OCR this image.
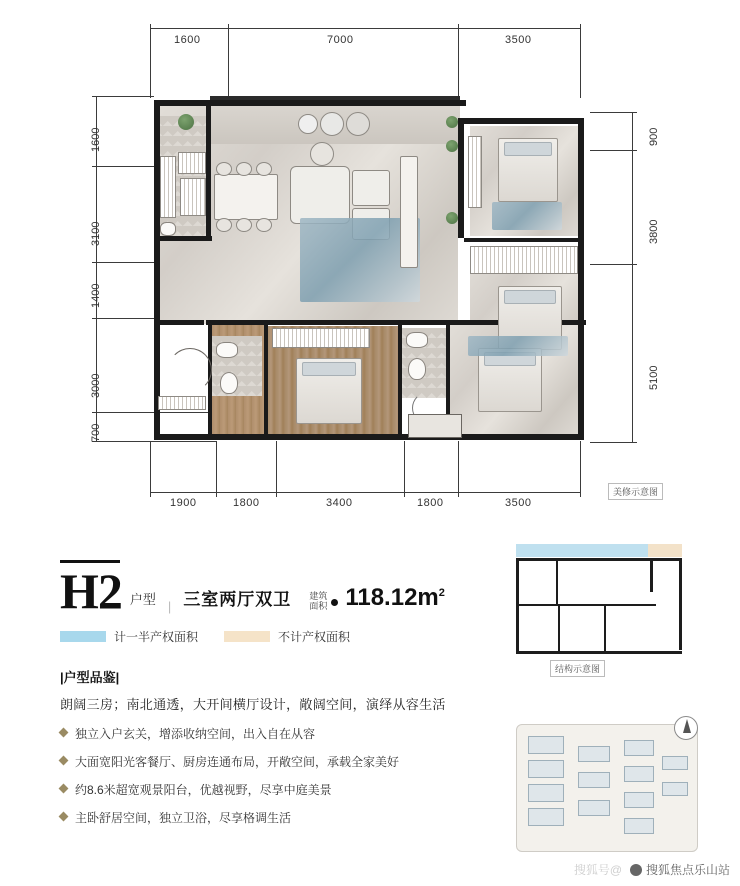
1600	7000	3500
1600
3100
1400
3000
700
900
3800
5100
1900	1800	3400	1800	3500
美修示意图
H2 户型 | 三室两厅双卫 建筑
面积 $118.12m^2$
计一半产权面积	不计产权面积
|户型品鉴|
朗阔三房；南北通透，大开间横厅设计，敞阔空间，演绎从容生活
独立入户玄关，增添收纳空间，出入自在从容
大面宽阳光客餐厅、厨房连通布局，开敞空间，承载全家美好
约8.6米超宽观景阳台，优越视野，尽享中庭美景
主卧舒居空间，独立卫浴，尽享格调生活
结构示意图
搜狐号@ 搜狐焦点乐山站
